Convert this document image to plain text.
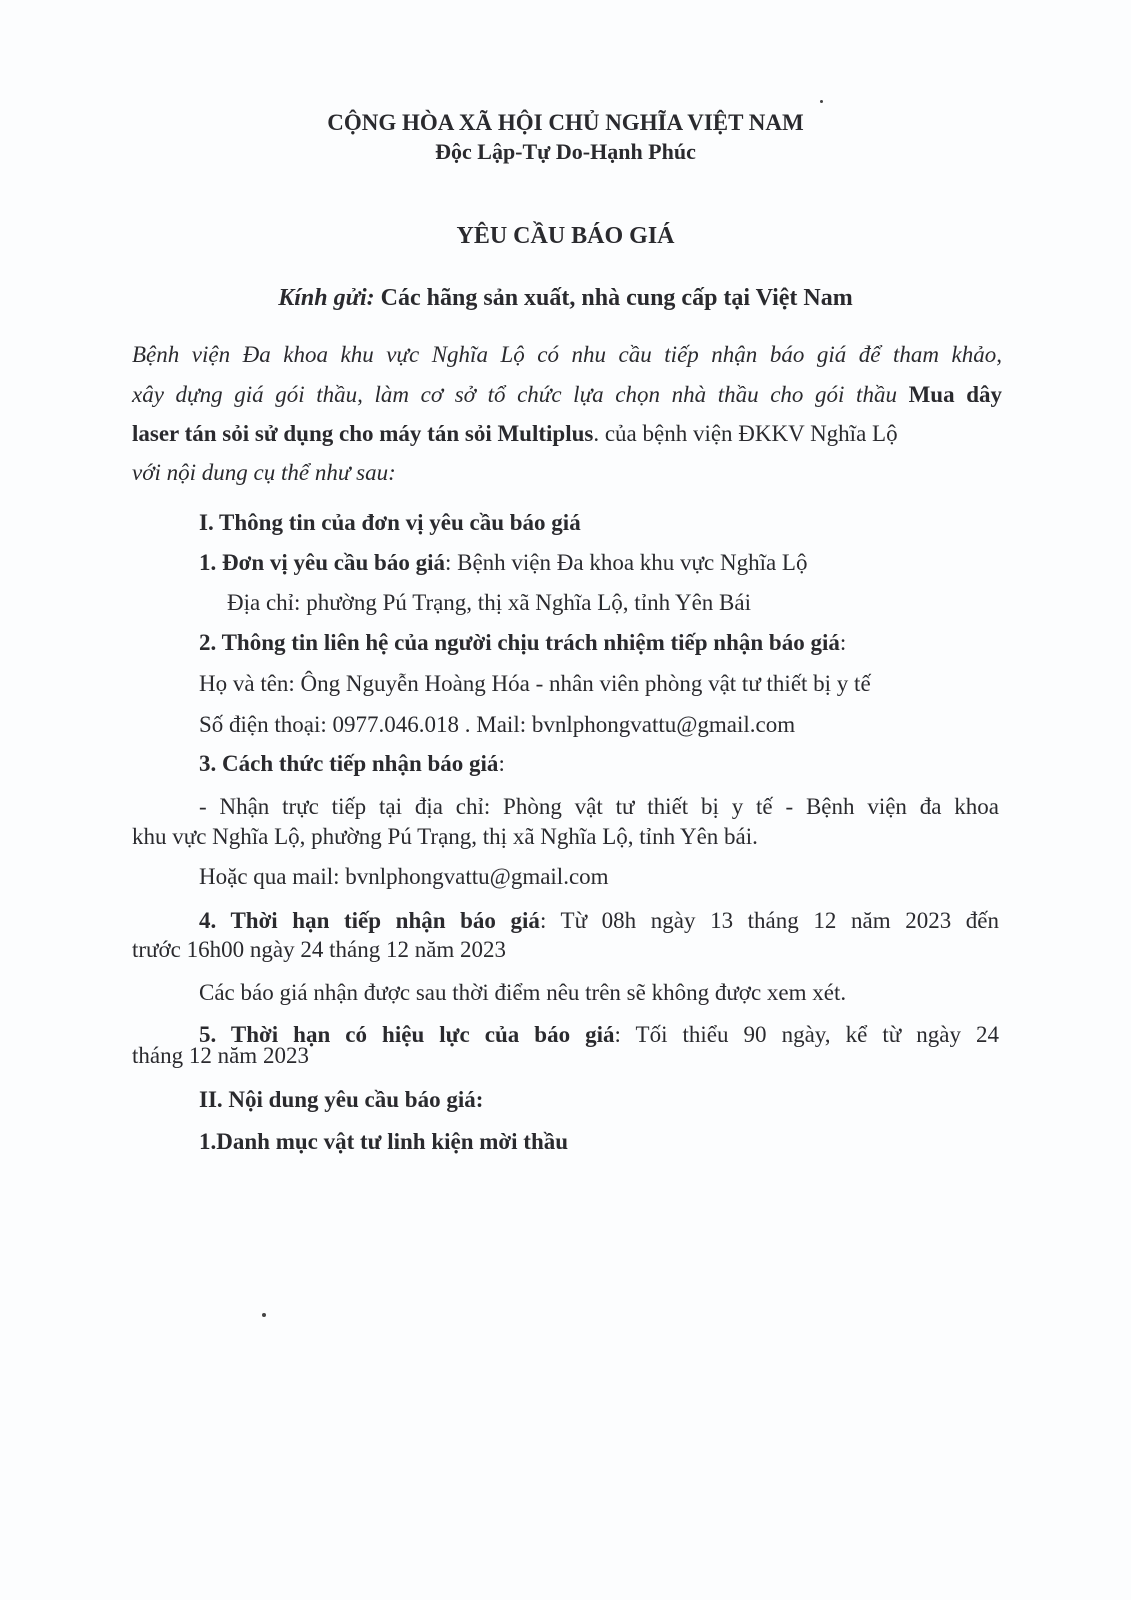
CỘNG HÒA XÃ HỘI CHỦ NGHĨA VIỆT NAM
Độc Lập-Tự Do-Hạnh Phúc
YÊU CẦU BÁO GIÁ
Kính gửi: Các hãng sản xuất, nhà cung cấp tại Việt Nam
Bệnh viện Đa khoa khu vực Nghĩa Lộ có nhu cầu tiếp nhận báo giá để tham khảo,
xây dựng giá gói thầu, làm cơ sở tổ chức lựa chọn nhà thầu cho gói thầu Mua dây
laser tán sỏi sử dụng cho máy tán sỏi Multiplus. của bệnh viện ĐKKV Nghĩa Lộ
với nội dung cụ thể như sau:
I. Thông tin của đơn vị yêu cầu báo giá
1. Đơn vị yêu cầu báo giá: Bệnh viện Đa khoa khu vực Nghĩa Lộ
Địa chỉ: phường Pú Trạng, thị xã Nghĩa Lộ, tỉnh Yên Bái
2. Thông tin liên hệ của người chịu trách nhiệm tiếp nhận báo giá:
Họ và tên: Ông Nguyễn Hoàng Hóa - nhân viên phòng vật tư thiết bị y tế
Số điện thoại: 0977.046.018 . Mail: bvnlphongvattu@gmail.com
3. Cách thức tiếp nhận báo giá:
- Nhận trực tiếp tại địa chỉ: Phòng vật tư thiết bị y tế - Bệnh viện đa khoa
khu vực Nghĩa Lộ, phường Pú Trạng, thị xã Nghĩa Lộ, tỉnh Yên bái.
Hoặc qua mail: bvnlphongvattu@gmail.com
4. Thời hạn tiếp nhận báo giá: Từ 08h ngày 13 tháng 12 năm 2023 đến
trước 16h00 ngày 24 tháng 12 năm 2023
Các báo giá nhận được sau thời điểm nêu trên sẽ không được xem xét.
5. Thời hạn có hiệu lực của báo giá: Tối thiểu 90 ngày, kể từ ngày 24
tháng 12 năm 2023
II. Nội dung yêu cầu báo giá:
1.Danh mục vật tư linh kiện mời thầu
